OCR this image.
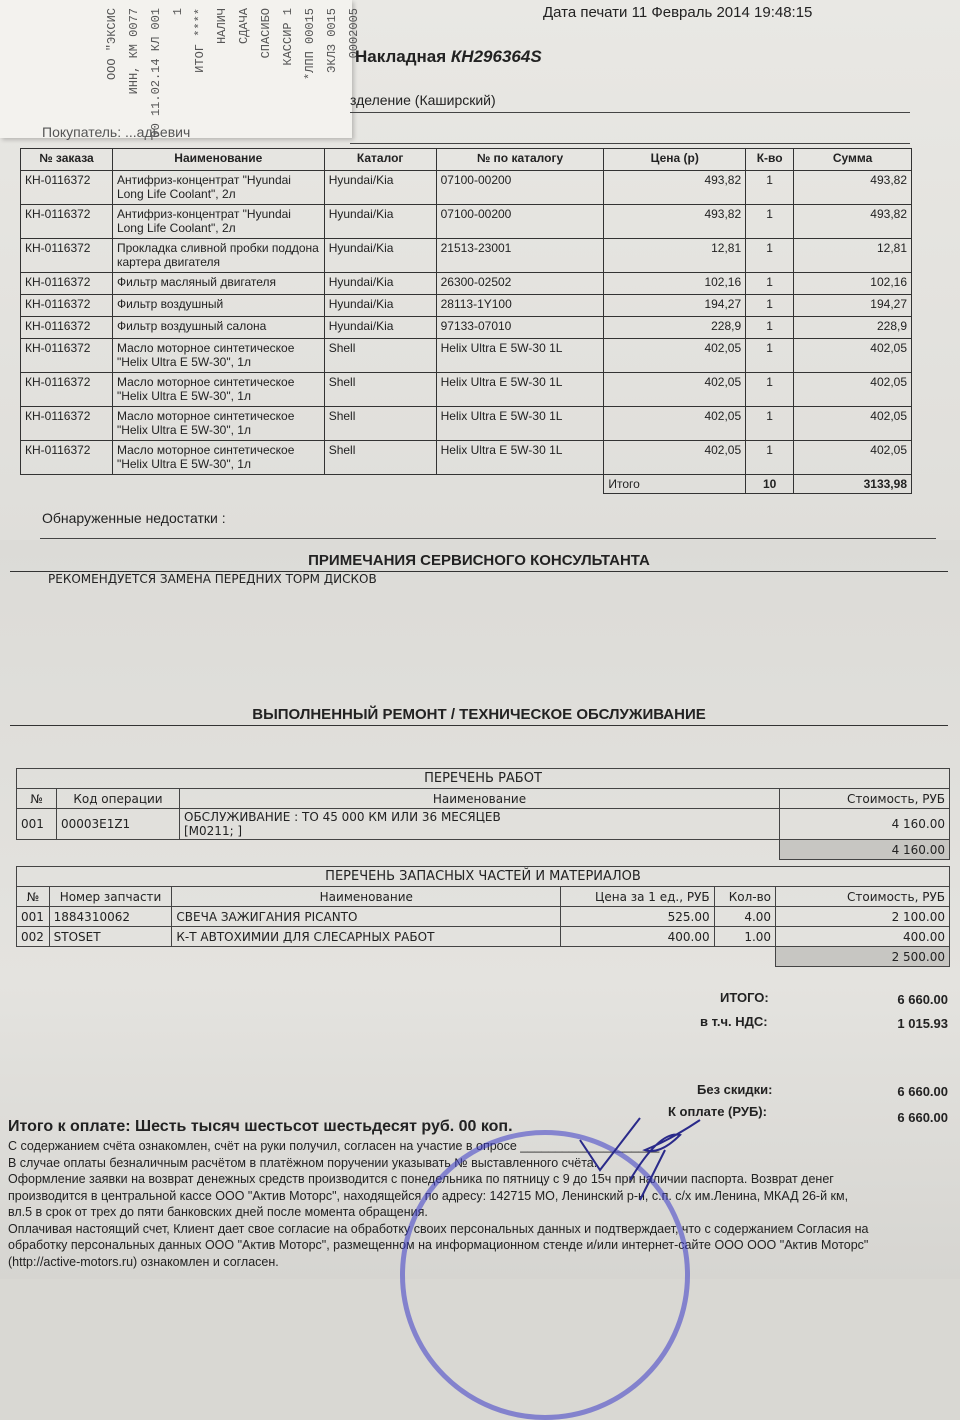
ООО "ЭКСИС ИНН, КМ 0077 00 11.02.14 КЛ 001 1 ИТОГ **** НАЛИЧ СДАЧА СПАСИБО КАССИР 1 *ЛПП 00015 ЭКЛЗ 0015 0002005	Дата печати 11 Февраль 2014 19:48:15
Накладная КН296364S
зделение (Каширский)
Покупатель: ...адьевич
№ заказа	Наименование	Каталог	№ по каталогу	Цена (р)	К-во	Сумма
КН-0116372	Антифриз-концентрат "Hyundai Long Life Coolant", 2л	Hyundai/Kia	07100-00200	493,82	1	493,82
КН-0116372	Антифриз-концентрат "Hyundai Long Life Coolant", 2л	Hyundai/Kia	07100-00200	493,82	1	493,82
КН-0116372	Прокладка сливной пробки поддона картера двигателя	Hyundai/Kia	21513-23001	12,81	1	12,81
КН-0116372	Фильтр масляный двигателя	Hyundai/Kia	26300-02502	102,16	1	102,16
КН-0116372	Фильтр воздушный	Hyundai/Kia	28113-1Y100	194,27	1	194,27
КН-0116372	Фильтр воздушный салона	Hyundai/Kia	97133-07010	228,9	1	228,9
КН-0116372	Масло моторное синтетическое "Helix Ultra E 5W-30", 1л	Shell	Helix Ultra E 5W-30 1L	402,05	1	402,05
КН-0116372	Масло моторное синтетическое "Helix Ultra E 5W-30", 1л	Shell	Helix Ultra E 5W-30 1L	402,05	1	402,05
КН-0116372	Масло моторное синтетическое "Helix Ultra E 5W-30", 1л	Shell	Helix Ultra E 5W-30 1L	402,05	1	402,05
КН-0116372	Масло моторное синтетическое "Helix Ultra E 5W-30", 1л	Shell	Helix Ultra E 5W-30 1L	402,05	1	402,05
				Итого	10	3133,98
Обнаруженные недостатки :
ПРИМЕЧАНИЯ СЕРВИСНОГО КОНСУЛЬТАНТА
РЕКОМЕНДУЕТСЯ ЗАМЕНА ПЕРЕДНИХ ТОРМ ДИСКОВ
ВЫПОЛНЕННЫЙ РЕМОНТ / ТЕХНИЧЕСКОЕ ОБСЛУЖИВАНИЕ
ПЕРЕЧЕНЬ РАБОТ			
№	Код операции	Наименование	Стоимость, РУБ
001	00003E1Z1	ОБСЛУЖИВАНИЕ : ТО 45 000 КМ ИЛИ 36 МЕСЯЦЕВ
[M0211; ]	4 160.00
			4 160.00
ПЕРЕЧЕНЬ ЗАПАСНЫХ ЧАСТЕЙ И МАТЕРИАЛОВ					
№	Номер запчасти	Наименование	Цена за 1 ед., РУБ	Кол-во	Стоимость, РУБ
001	1884310062	СВЕЧА ЗАЖИГАНИЯ PICANTO	525.00	4.00	2 100.00
002	STOSET	К-Т АВТОХИМИИ ДЛЯ СЛЕСАРНЫХ РАБОТ	400.00	1.00	400.00
					2 500.00
ИТОГО:	6 660.00
в т.ч. НДС:	1 015.93
Без скидки:	6 660.00
К оплате (РУБ):	6 660.00
Итого к оплате: Шесть тысяч шестьсот шестьдесят руб. 00 коп.
С содержанием счёта ознакомлен, счёт на руки получил, согласен на участие в опросе ____________________
В случае оплаты безналичным расчётом в платёжном поручении указывать № выставленного счёта.
Оформление заявки на возврат денежных средств производится с понедельника по пятницу с 9 до 15ч при наличии паспорта. Возврат денег
производится в центральной кассе ООО "Актив Моторс", находящейся по адресу: 142715 МО, Ленинский р-н, с.п. с/х им.Ленина, МКАД 26-й км,
вл.5 в срок от трех до пяти банковских дней после момента обращения.
Оплачивая настоящий счет, Клиент дает свое согласие на обработку своих персональных данных и подтверждает, что с содержанием Согласия на
обработку персональных данных ООО "Актив Моторс", размещенном на информационном стенде и/или интернет-сайте ООО ООО "Актив Моторс"
(http://active-motors.ru) ознакомлен и согласен.
